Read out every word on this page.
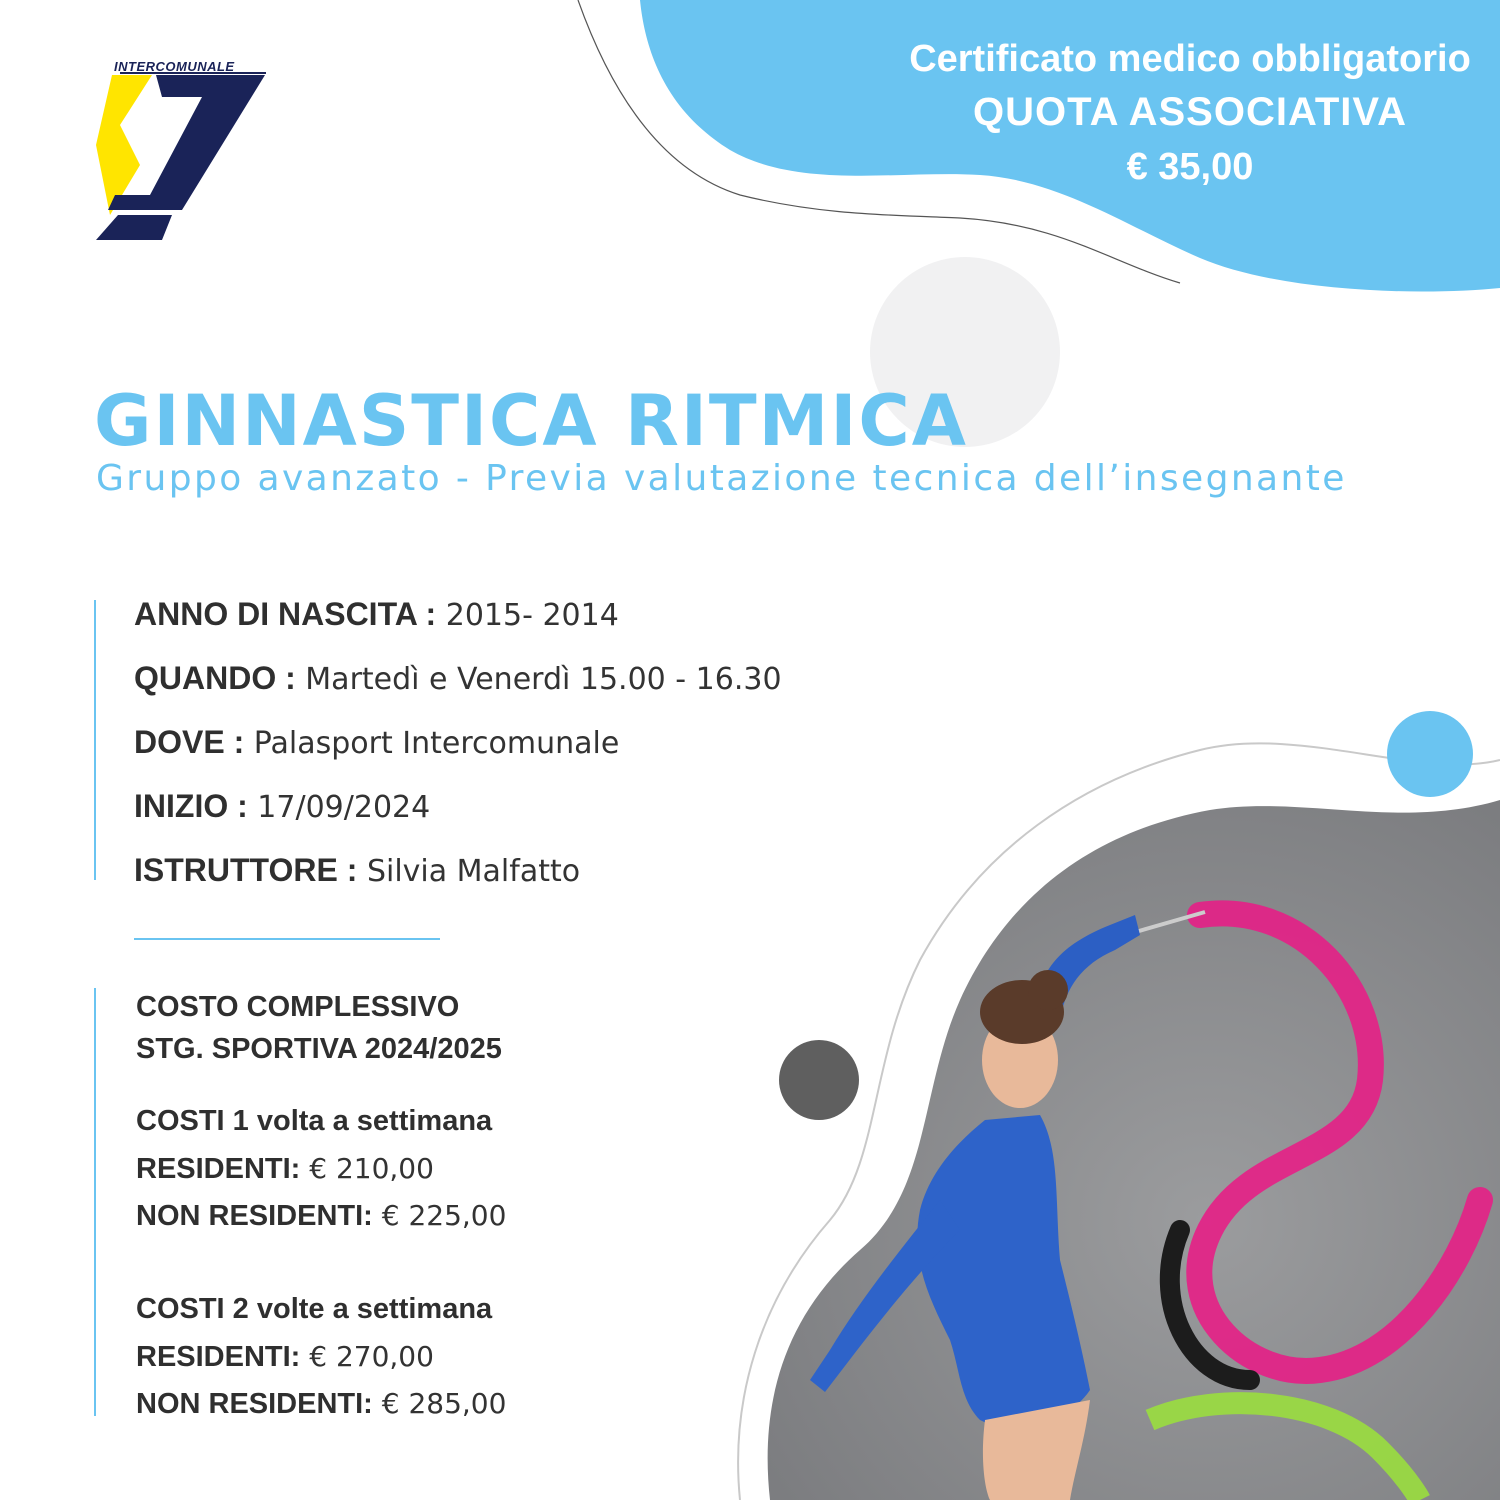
INTERCOMUNALE	Certificato medico obbligatorio
QUOTA ASSOCIATIVA
€ 35,00
GINNASTICA RITMICA
Gruppo avanzato - Previa valutazione tecnica dell’insegnante
ANNO DI NASCITA : 2015- 2014
QUANDO : Martedì e Venerdì 15.00 - 16.30
DOVE : Palasport Intercomunale
INIZIO : 17/09/2024
ISTRUTTORE : Silvia Malfatto
COSTO COMPLESSIVO
STG. SPORTIVA 2024/2025
COSTI 1 volta a settimana
RESIDENTI: € 210,00
NON RESIDENTI: € 225,00
COSTI 2 volte a settimana
RESIDENTI: € 270,00
NON RESIDENTI: € 285,00
